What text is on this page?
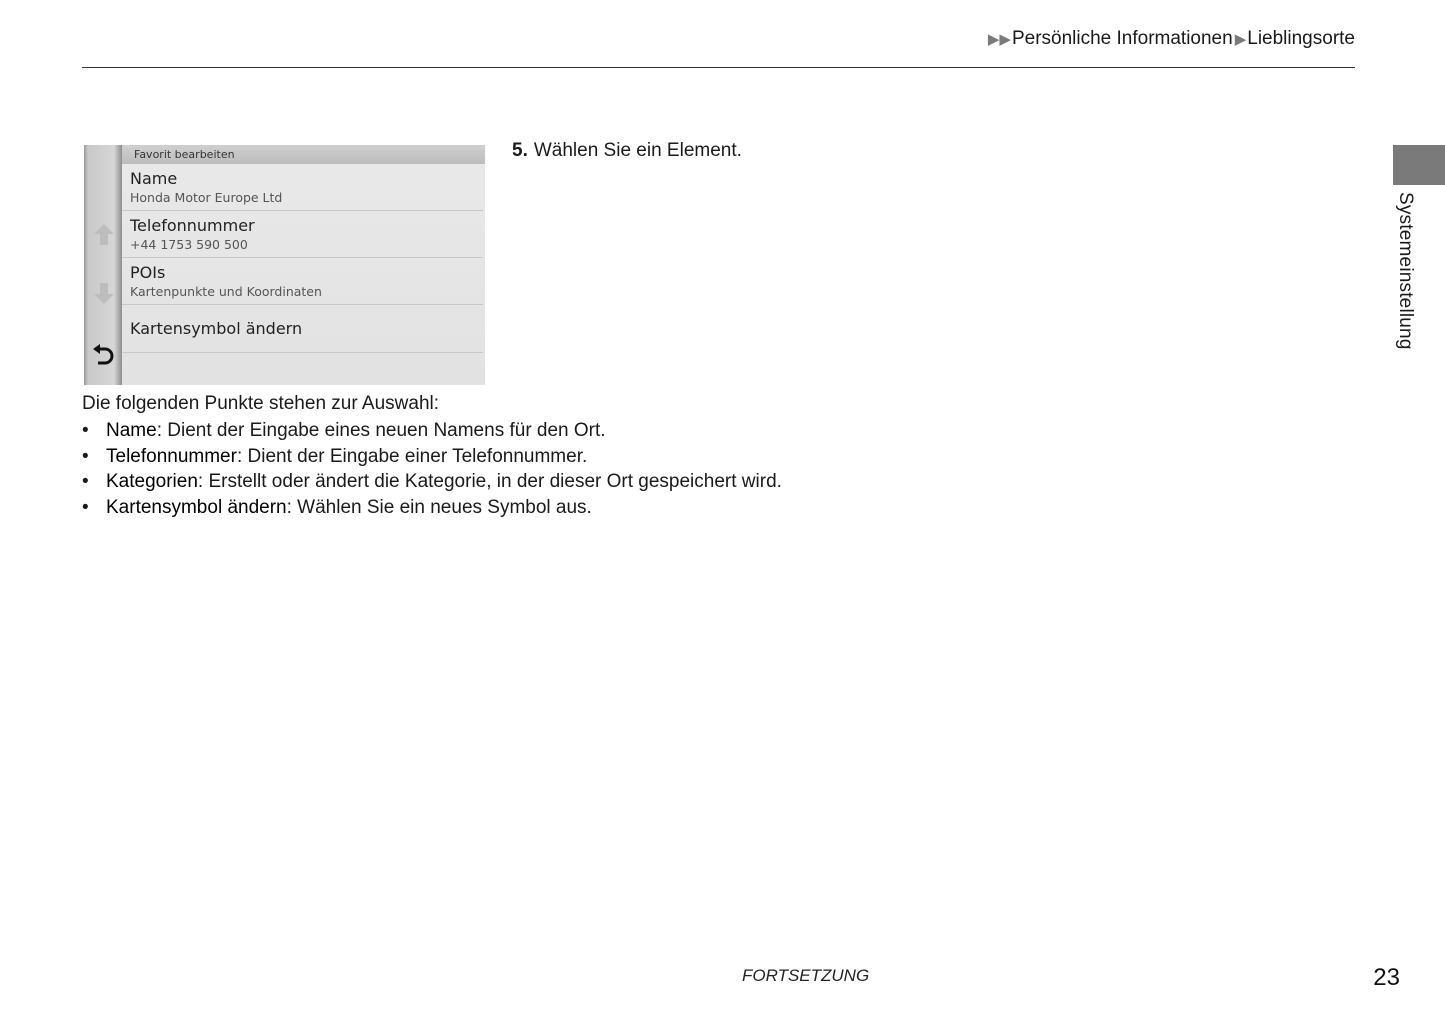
▶▶ Persönliche Informationen ▶ Lieblingsorte
Systemeinstellung
Favorit bearbeiten
Name
Honda Motor Europe Ltd
Telefonnummer
+44 1753 590 500
POIs
Kartenpunkte und Koordinaten
Kartensymbol ändern
5. Wählen Sie ein Element.
Die folgenden Punkte stehen zur Auswahl:
• Name: Dient der Eingabe eines neuen Namens für den Ort.
• Telefonnummer: Dient der Eingabe einer Telefonnummer.
• Kategorien: Erstellt oder ändert die Kategorie, in der dieser Ort gespeichert wird.
• Kartensymbol ändern: Wählen Sie ein neues Symbol aus.
FORTSETZUNG	23
